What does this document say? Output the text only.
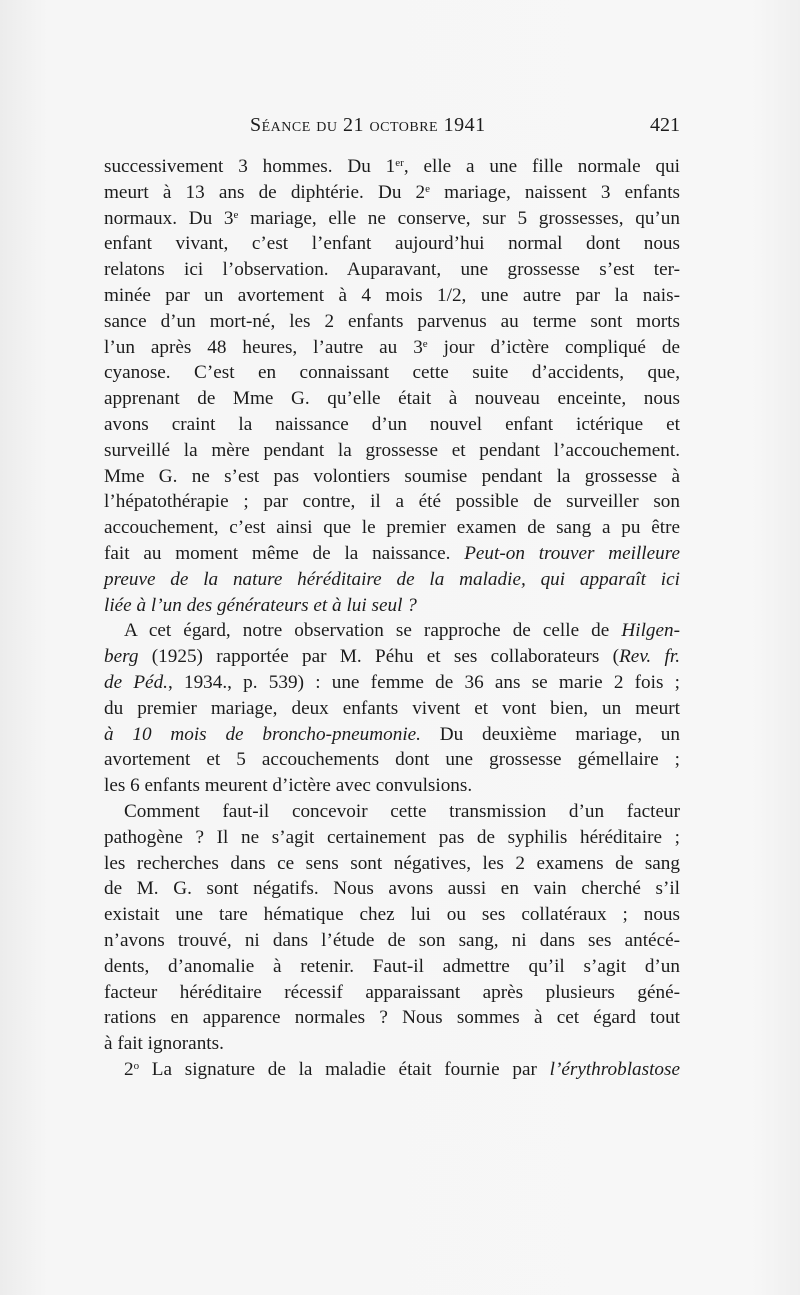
Séance du 21 octobre 1941	421
successivement 3 hommes. Du 1er, elle a une fille normale qui
meurt à 13 ans de diphtérie. Du 2e mariage, naissent 3 enfants
normaux. Du 3e mariage, elle ne conserve, sur 5 grossesses, qu’un
enfant vivant, c’est l’enfant aujourd’hui normal dont nous
relatons ici l’observation. Auparavant, une grossesse s’est ter-
minée par un avortement à 4 mois 1/2, une autre par la nais-
sance d’un mort-né, les 2 enfants parvenus au terme sont morts
l’un après 48 heures, l’autre au 3e jour d’ictère compliqué de
cyanose. C’est en connaissant cette suite d’accidents, que,
apprenant de Mme G. qu’elle était à nouveau enceinte, nous
avons craint la naissance d’un nouvel enfant ictérique et
surveillé la mère pendant la grossesse et pendant l’accouchement.
Mme G. ne s’est pas volontiers soumise pendant la grossesse à
l’hépatothérapie ; par contre, il a été possible de surveiller son
accouchement, c’est ainsi que le premier examen de sang a pu être
fait au moment même de la naissance. Peut-on trouver meilleure
preuve de la nature héréditaire de la maladie, qui apparaît ici
liée à l’un des générateurs et à lui seul ?
A cet égard, notre observation se rapproche de celle de Hilgen-
berg (1925) rapportée par M. Péhu et ses collaborateurs (Rev. fr.
de Péd., 1934., p. 539) : une femme de 36 ans se marie 2 fois ;
du premier mariage, deux enfants vivent et vont bien, un meurt
à 10 mois de broncho-pneumonie. Du deuxième mariage, un
avortement et 5 accouchements dont une grossesse gémellaire ;
les 6 enfants meurent d’ictère avec convulsions.
Comment faut-il concevoir cette transmission d’un facteur
pathogène ? Il ne s’agit certainement pas de syphilis héréditaire ;
les recherches dans ce sens sont négatives, les 2 examens de sang
de M. G. sont négatifs. Nous avons aussi en vain cherché s’il
existait une tare hématique chez lui ou ses collatéraux ; nous
n’avons trouvé, ni dans l’étude de son sang, ni dans ses antécé-
dents, d’anomalie à retenir. Faut-il admettre qu’il s’agit d’un
facteur héréditaire récessif apparaissant après plusieurs géné-
rations en apparence normales ? Nous sommes à cet égard tout
à fait ignorants.
2$^o$ La signature de la maladie était fournie par l’érythroblastose
